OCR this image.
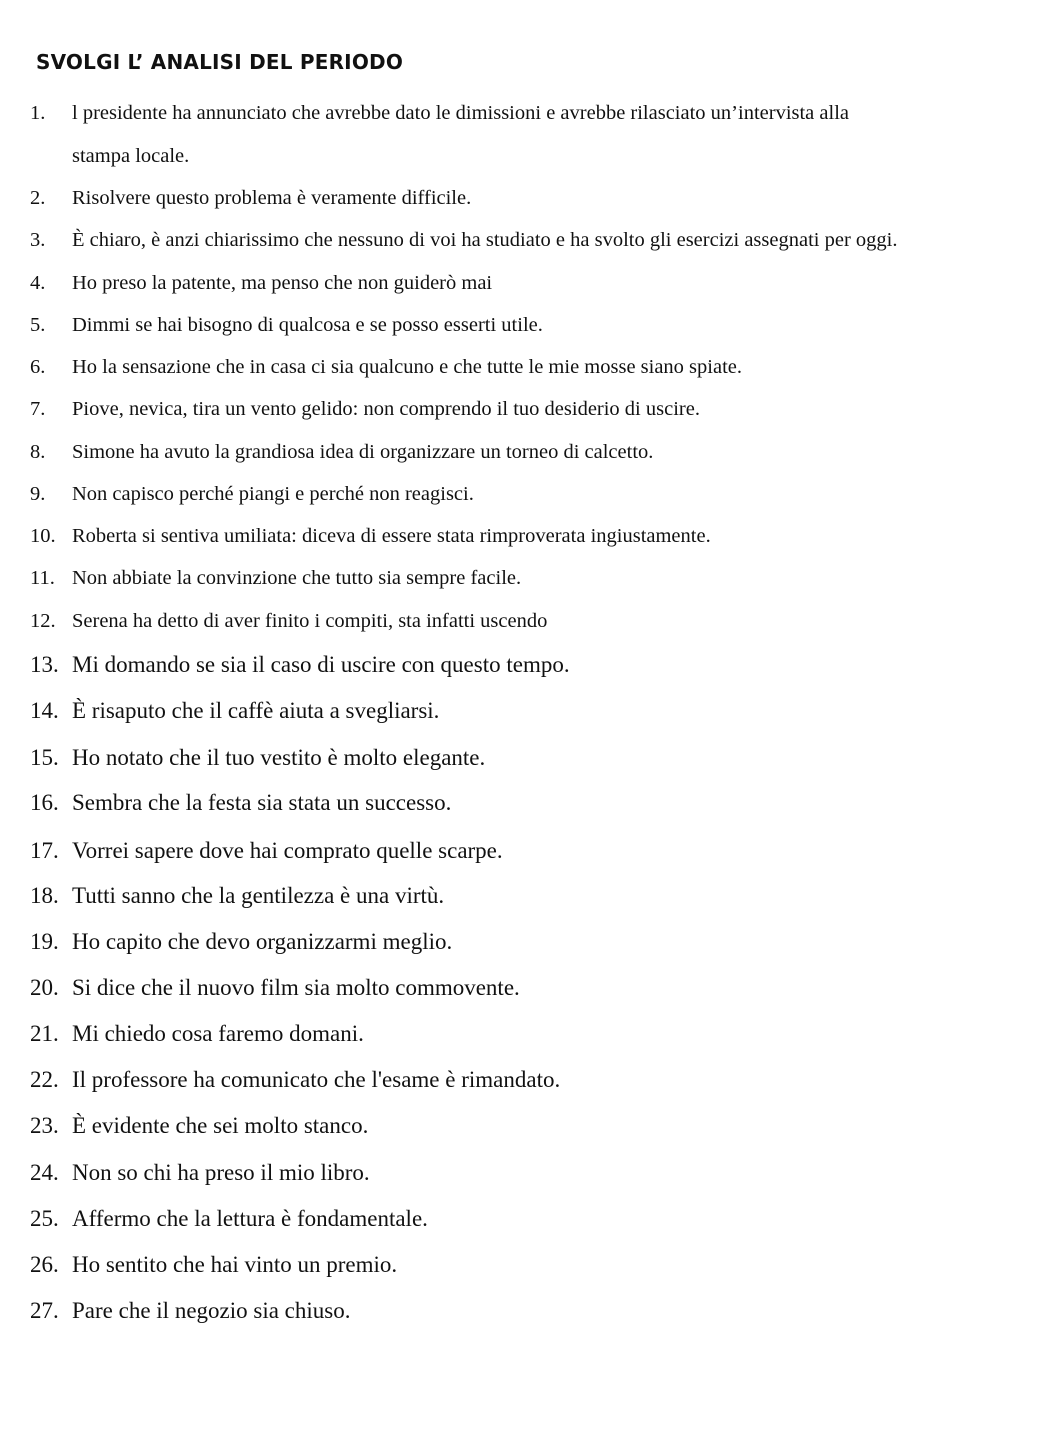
SVOLGI L’ ANALISI DEL PERIODO
1. l presidente ha annunciato che avrebbe dato le dimissioni e avrebbe rilasciato un’intervista alla
stampa locale.
2. Risolvere questo problema è veramente difficile.
3. È chiaro, è anzi chiarissimo che nessuno di voi ha studiato e ha svolto gli esercizi assegnati per oggi.
4. Ho preso la patente, ma penso che non guiderò mai
5. Dimmi se hai bisogno di qualcosa e se posso esserti utile.
6. Ho la sensazione che in casa ci sia qualcuno e che tutte le mie mosse siano spiate.
7. Piove, nevica, tira un vento gelido: non comprendo il tuo desiderio di uscire.
8. Simone ha avuto la grandiosa idea di organizzare un torneo di calcetto.
9. Non capisco perché piangi e perché non reagisci.
10. Roberta si sentiva umiliata: diceva di essere stata rimproverata ingiustamente.
11. Non abbiate la convinzione che tutto sia sempre facile.
12. Serena ha detto di aver finito i compiti, sta infatti uscendo
13. Mi domando se sia il caso di uscire con questo tempo.
14. È risaputo che il caffè aiuta a svegliarsi.
15. Ho notato che il tuo vestito è molto elegante.
16. Sembra che la festa sia stata un successo.
17. Vorrei sapere dove hai comprato quelle scarpe.
18. Tutti sanno che la gentilezza è una virtù.
19. Ho capito che devo organizzarmi meglio.
20. Si dice che il nuovo film sia molto commovente.
21. Mi chiedo cosa faremo domani.
22. Il professore ha comunicato che l'esame è rimandato.
23. È evidente che sei molto stanco.
24. Non so chi ha preso il mio libro.
25. Affermo che la lettura è fondamentale.
26. Ho sentito che hai vinto un premio.
27. Pare che il negozio sia chiuso.
